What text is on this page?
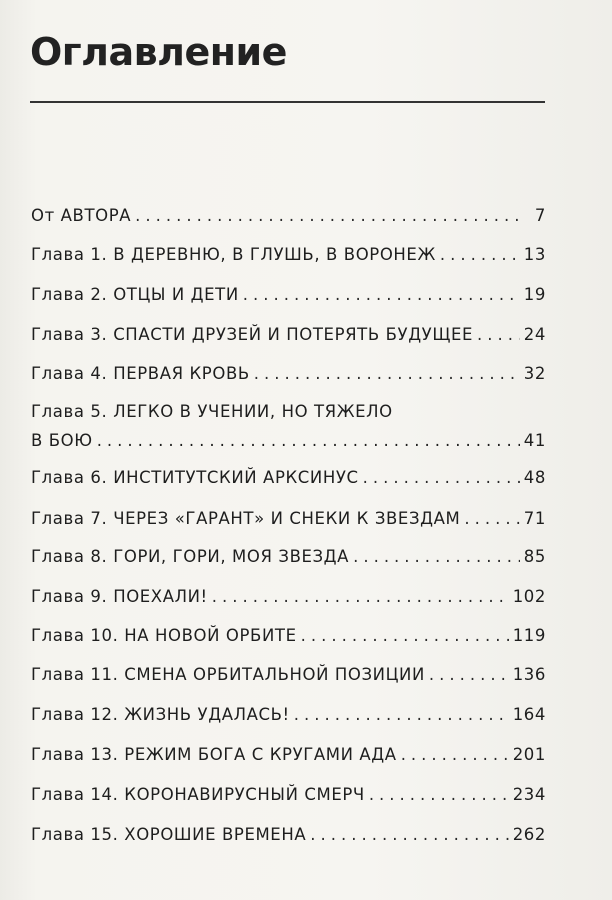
Оглавление
От АВТОРА .....	7
Глава 1. В ДЕРЕВНЮ, В ГЛУШЬ, В ВОРОНЕЖ .....	13
Глава 2. ОТЦЫ И ДЕТИ .....	19
Глава 3. СПАСТИ ДРУЗЕЙ И ПОТЕРЯТЬ БУДУЩЕЕ .....	24
Глава 4. ПЕРВАЯ КРОВЬ .....	32
Глава 5. ЛЕГКО В УЧЕНИИ, НО ТЯЖЕЛО
В БОЮ .....	41
Глава 6. ИНСТИТУТСКИЙ АРКСИНУС .....	48
Глава 7. ЧЕРЕЗ «ГАРАНТ» И СНЕКИ К ЗВЕЗДАМ .....	71
Глава 8. ГОРИ, ГОРИ, МОЯ ЗВЕЗДА .....	85
Глава 9. ПОЕХАЛИ! .....	102
Глава 10. НА НОВОЙ ОРБИТЕ .....	119
Глава 11. СМЕНА ОРБИТАЛЬНОЙ ПОЗИЦИИ .....	136
Глава 12. ЖИЗНЬ УДАЛАСЬ! .....	164
Глава 13. РЕЖИМ БОГА С КРУГАМИ АДА .....	201
Глава 14. КОРОНАВИРУСНЫЙ СМЕРЧ .....	234
Глава 15. ХОРОШИЕ ВРЕМЕНА .....	262
